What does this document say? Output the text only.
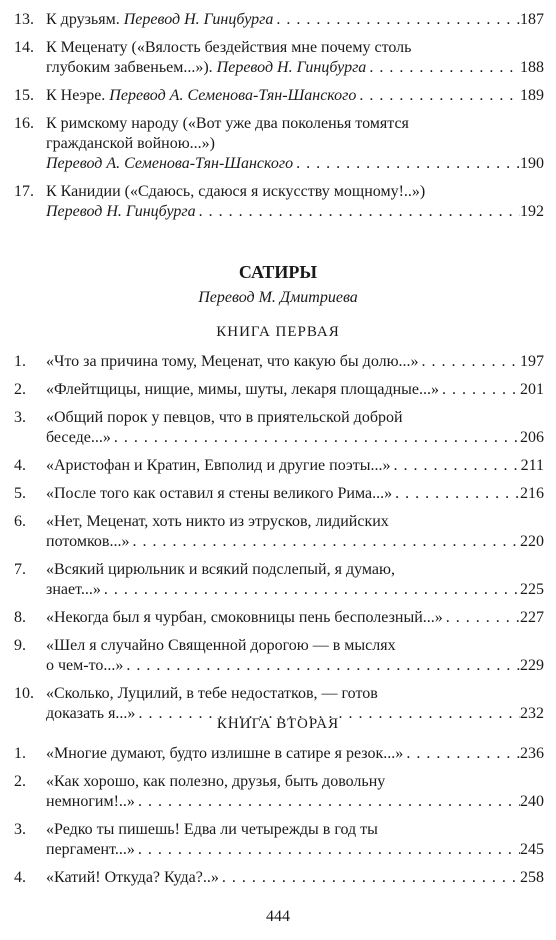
13. К друзьям. Перевод Н. Гинцбурга . . .	187
14. К Меценату («Вялость бездействия мне почему столь
глубоким забвеньем...»). Перевод Н. Гинцбурга . . .	188
15. К Неэре. Перевод А. Семенова-Тян-Шанского . . .	189
16. К римскому народу («Вот уже два поколенья томятся
гражданской войною...»)
Перевод А. Семенова-Тян-Шанского . . .	190
17. К Канидии («Сдаюсь, сдаюся я искусству мощному!..»)
Перевод Н. Гинцбурга . . .	192
САТИРЫ
Перевод М. Дмитриева
КНИГА ПЕРВАЯ
1.	«Что за причина тому, Меценат, что какую бы долю...» . . .	197
2.	«Флейтщицы, нищие, мимы, шуты, лекаря площадные...» . . .	201
3.	«Общий порок у певцов, что в приятельской доброй
беседе...» . . .	206
4.	«Аристофан и Кратин, Евполид и другие поэты...» . . .	211
5.	«После того как оставил я стены великого Рима...» . . .	216
6.	«Нет, Меценат, хоть никто из этрусков, лидийских
потомков...» . . .	220
7.	«Всякий цирюльник и всякий подслепый, я думаю,
знает...» . . .	225
8.	«Некогда был я чурбан, смоковницы пень бесполезный...» . . .	227
9.	«Шел я случайно Священной дорогою — в мыслях
о чем-то...» . . .	229
10. «Сколько, Луцилий, в тебе недостатков, — готов
доказать я...» . . .	232
КНИГА ВТОРАЯ
1.	«Многие думают, будто излишне в сатире я резок...» . . .	236
2.	«Как хорошо, как полезно, друзья, быть довольну
немногим!..» . . .	240
3.	«Редко ты пишешь! Едва ли четырежды в год ты
пергамент...» . . .	245
4.	«Катий! Откуда? Куда?..» . . .	258
444
